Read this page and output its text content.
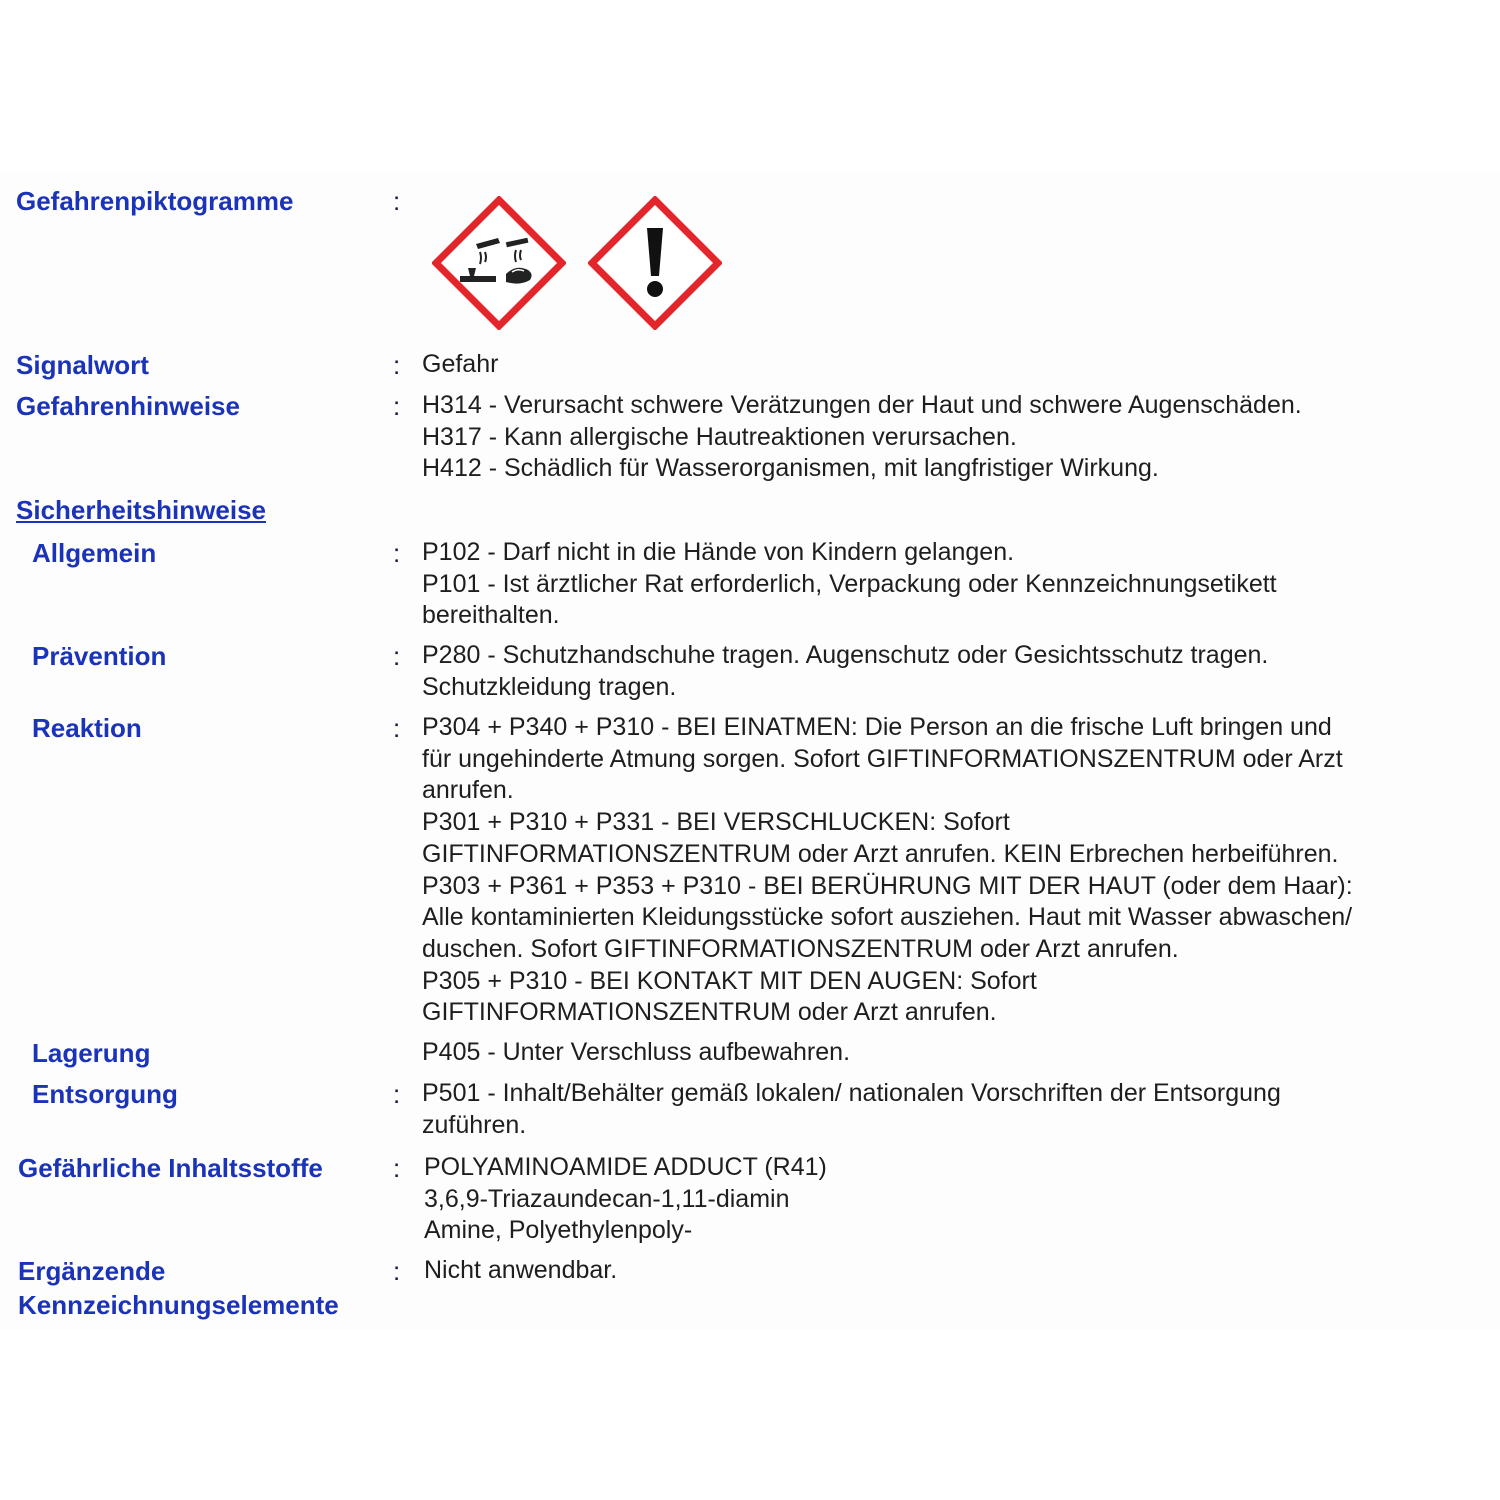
Gefahrenpiktogramme	:
Signalwort	: Gefahr
Gefahrenhinweise	: H314 - Verursacht schwere Verätzungen der Haut und schwere Augenschäden.
H317 - Kann allergische Hautreaktionen verursachen.
H412 - Schädlich für Wasserorganismen, mit langfristiger Wirkung.
Sicherheitshinweise
Allgemein	: P102 - Darf nicht in die Hände von Kindern gelangen.
P101 - Ist ärztlicher Rat erforderlich, Verpackung oder Kennzeichnungsetikett
bereithalten.
Prävention	: P280 - Schutzhandschuhe tragen. Augenschutz oder Gesichtsschutz tragen.
Schutzkleidung tragen.
Reaktion	: P304 + P340 + P310 - BEI EINATMEN: Die Person an die frische Luft bringen und
für ungehinderte Atmung sorgen. Sofort GIFTINFORMATIONSZENTRUM oder Arzt
anrufen.
P301 + P310 + P331 - BEI VERSCHLUCKEN: Sofort
GIFTINFORMATIONSZENTRUM oder Arzt anrufen. KEIN Erbrechen herbeiführen.
P303 + P361 + P353 + P310 - BEI BERÜHRUNG MIT DER HAUT (oder dem Haar):
Alle kontaminierten Kleidungsstücke sofort ausziehen. Haut mit Wasser abwaschen/
duschen. Sofort GIFTINFORMATIONSZENTRUM oder Arzt anrufen.
P305 + P310 - BEI KONTAKT MIT DEN AUGEN: Sofort
GIFTINFORMATIONSZENTRUM oder Arzt anrufen.
Lagerung	P405 - Unter Verschluss aufbewahren.
Entsorgung	: P501 - Inhalt/Behälter gemäß lokalen/ nationalen Vorschriften der Entsorgung
zuführen.
Gefährliche Inhaltsstoffe	: POLYAMINOAMIDE ADDUCT (R41)
3,6,9-Triazaundecan-1,11-diamin
Amine, Polyethylenpoly-
Ergänzende
Kennzeichnungselemente
: Nicht anwendbar.
